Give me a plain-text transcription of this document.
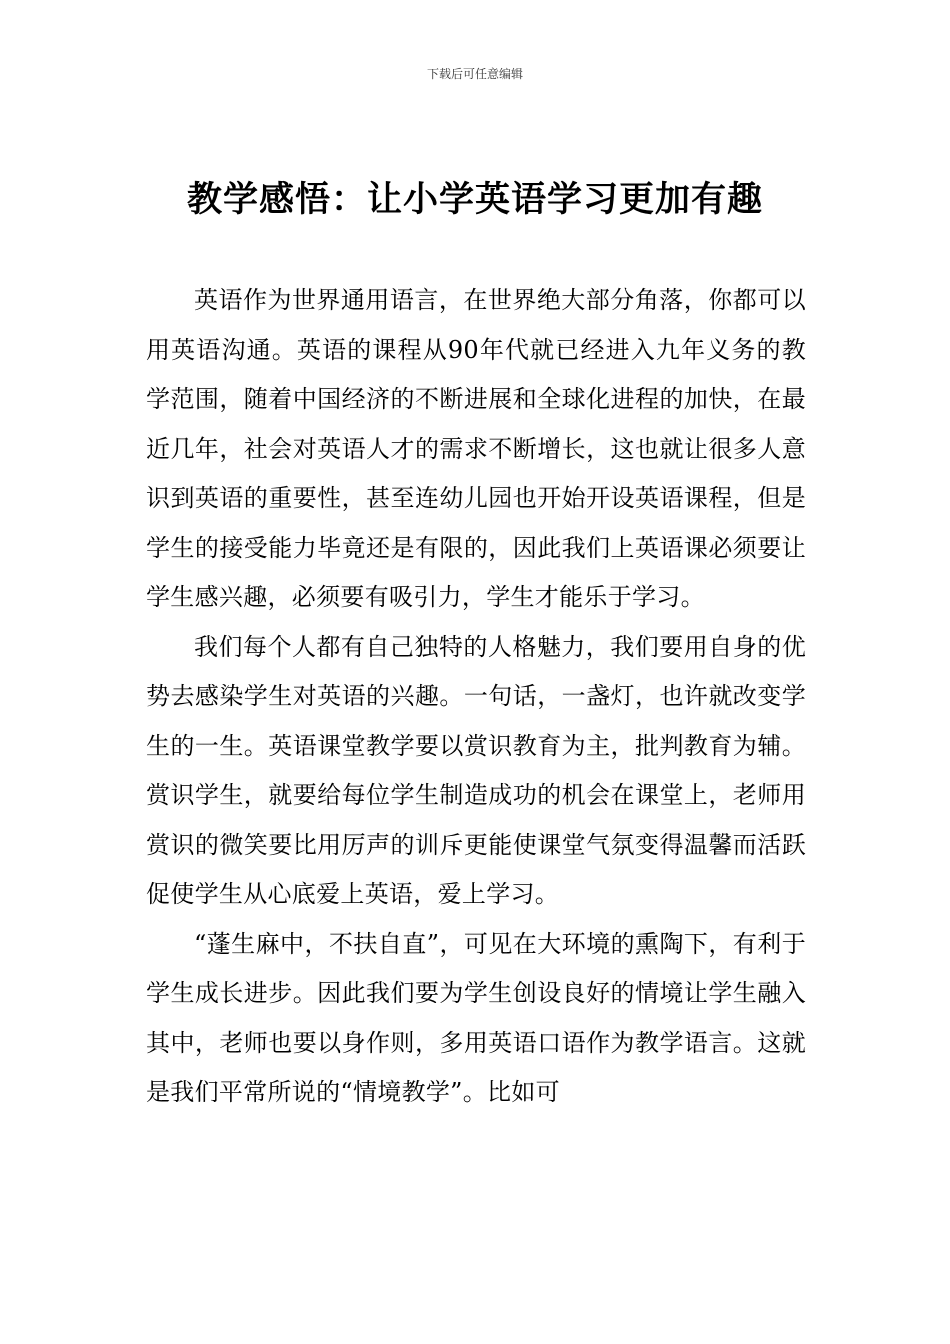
下载后可任意编辑
教学感悟：让小学英语学习更加有趣

英语作为世界通用语言，在世界绝大部分角落，你都可以用英语沟通。英语的课程从90年代就已经进入九年义务的教学范围，随着中国经济的不断进展和全球化进程的加快，在最近几年，社会对英语人才的需求不断增长，这也就让很多人意识到英语的重要性，甚至连幼儿园也开始开设英语课程，但是学生的接受能力毕竟还是有限的，因此我们上英语课必须要让学生感兴趣，必须要有吸引力，学生才能乐于学习。

我们每个人都有自己独特的人格魅力，我们要用自身的优势去感染学生对英语的兴趣。一句话，一盏灯，也许就改变学生的一生。英语课堂教学要以赏识教育为主，批判教育为辅。赏识学生，就要给每位学生制造成功的机会在课堂上，老师用赏识的微笑要比用厉声的训斥更能使课堂气氛变得温馨而活跃 促使学生从心底爱上英语，爱上学习。

“蓬生麻中，不扶自直”，可见在大环境的熏陶下，有利于学生成长进步。因此我们要为学生创设良好的情境让学生融入其中，老师也要以身作则，多用英语口语作为教学语言。这就是我们平常所说的“情境教学”。比如可
